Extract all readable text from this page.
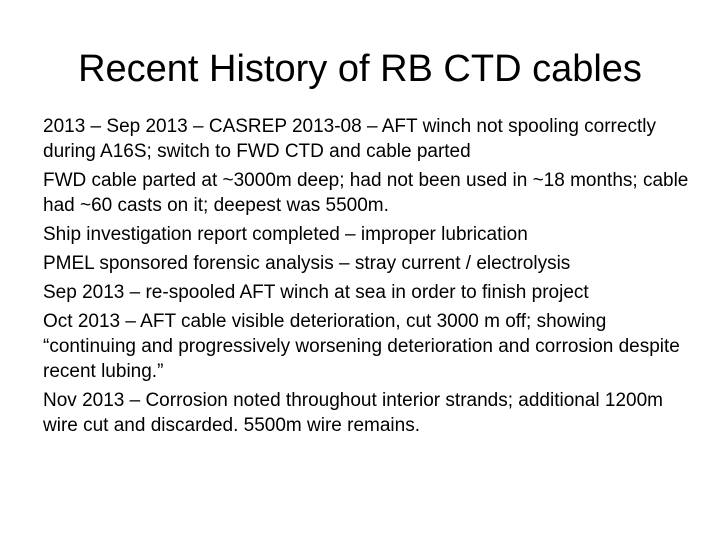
Recent History of RB CTD cables
2013 – Sep 2013 – CASREP 2013-08 – AFT winch not spooling correctly during A16S; switch to FWD CTD and cable parted
FWD cable parted at ~3000m deep; had not been used in ~18 months; cable had ~60 casts on it; deepest was 5500m.
Ship investigation report completed – improper lubrication
PMEL sponsored forensic analysis – stray current / electrolysis
Sep 2013 – re-spooled AFT winch at sea in order to finish project
Oct 2013 – AFT cable visible deterioration, cut 3000 m off; showing “continuing and progressively worsening deterioration and corrosion despite recent lubing.”
Nov 2013 – Corrosion noted throughout interior strands; additional 1200m wire cut and discarded. 5500m wire remains.
